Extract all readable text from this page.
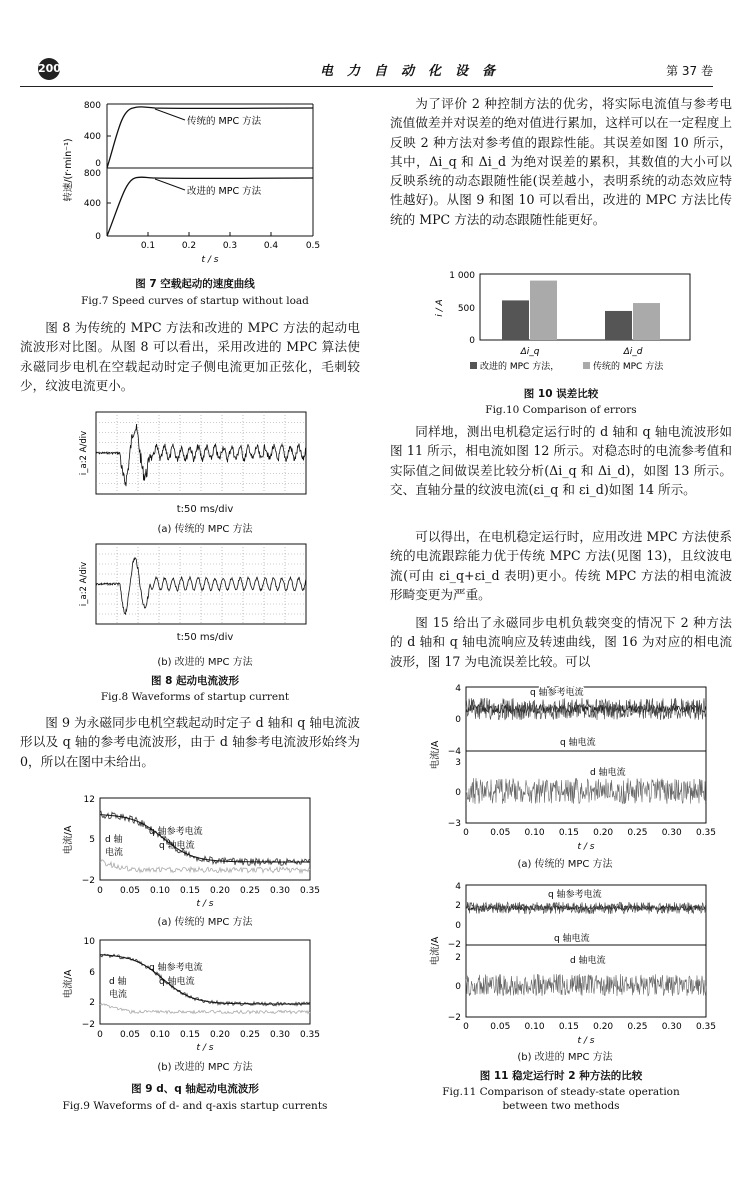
200	电力自动化设备	第 37 卷
800
400
0
800
400
0
0.1	0.2	0.3	0.4	0.5
t / s
传统的 MPC 方法
改进的 MPC 方法
转速/(r·min⁻¹)
图 7 空载起动的速度曲线
Fig.7 Speed curves of startup without load

图 8 为传统的 MPC 方法和改进的 MPC 方法的起动电流波形对比图。从图 8 可以看出，采用改进的 MPC 算法使永磁同步电机在空载起动时定子侧电流更加正弦化，毛刺较少，纹波电流更小。

i_a:2 A/div
t:50 ms/div
(a) 传统的 MPC 方法
i_a:2 A/div
t:50 ms/div
(b) 改进的 MPC 方法
图 8 起动电流波形
Fig.8 Waveforms of startup current

图 9 为永磁同步电机空载起动时定子 d 轴和 q 轴电流波形以及 q 轴的参考电流波形，由于 d 轴参考电流波形始终为 0，所以在图中未给出。

12
5
−2
0 0.05 0.10 0.15 0.20 0.25 0.30 0.35
t / s
q 轴参考电流
q 轴电流
d 轴
电流
电流/A
(a) 传统的 MPC 方法
10
6
2
−2
0 0.05 0.10 0.15 0.20 0.25 0.30 0.35
t / s
q 轴参考电流
q 轴电流
d 轴
电流
电流/A
(b) 改进的 MPC 方法
图 9 d、q 轴起动电流波形
Fig.9 Waveforms of d- and q-axis startup currents

为了评价 2 种控制方法的优劣，将实际电流值与参考电流值做差并对误差的绝对值进行累加，这样可以在一定程度上反映 2 种方法对参考值的跟踪性能。其误差如图 10 所示，其中，Δi_q 和 Δi_d 为绝对误差的累积，其数值的大小可以反映系统的动态跟随性能(误差越小，表明系统的动态效应特性越好)。从图 9 和图 10 可以看出，改进的 MPC 方法比传统的 MPC 方法的动态跟随性能更好。

1 000
500
0
Δi_q	Δi_d
改进的 MPC 方法，	传统的 MPC 方法
i / A
图 10 误差比较
Fig.10 Comparison of errors

同样地，测出电机稳定运行时的 d 轴和 q 轴电流波形如图 11 所示，相电流如图 12 所示。对稳态时的电流参考值和实际值之间做误差比较分析(Δi_q 和 Δi_d)，如图 13 所示。交、直轴分量的纹波电流(εi_q 和 εi_d)如图 14 所示。

可以得出，在电机稳定运行时，应用改进 MPC 方法使系统的电流跟踪能力优于传统 MPC 方法(见图 13)，且纹波电流(可由 εi_q+εi_d 表明)更小。传统 MPC 方法的相电流波形畸变更为严重。

图 15 给出了永磁同步电机负载突变的情况下 2 种方法的 d 轴和 q 轴电流响应及转速曲线，图 16 为对应的相电流波形，图 17 为电流误差比较。可以

4
0
−4
3
0
−3
0 0.05 0.10 0.15 0.20 0.25 0.30 0.35
t / s
q 轴参考电流
q 轴电流
d 轴电流
电流/A
(a) 传统的 MPC 方法
4
2
0
−2
2
0
−2
0 0.05 0.10 0.15 0.20 0.25 0.30 0.35
t / s
q 轴参考电流
q 轴电流
d 轴电流
电流/A
(b) 改进的 MPC 方法
图 11 稳定运行时 2 种方法的比较
Fig.11 Comparison of steady-state operation
between two methods
